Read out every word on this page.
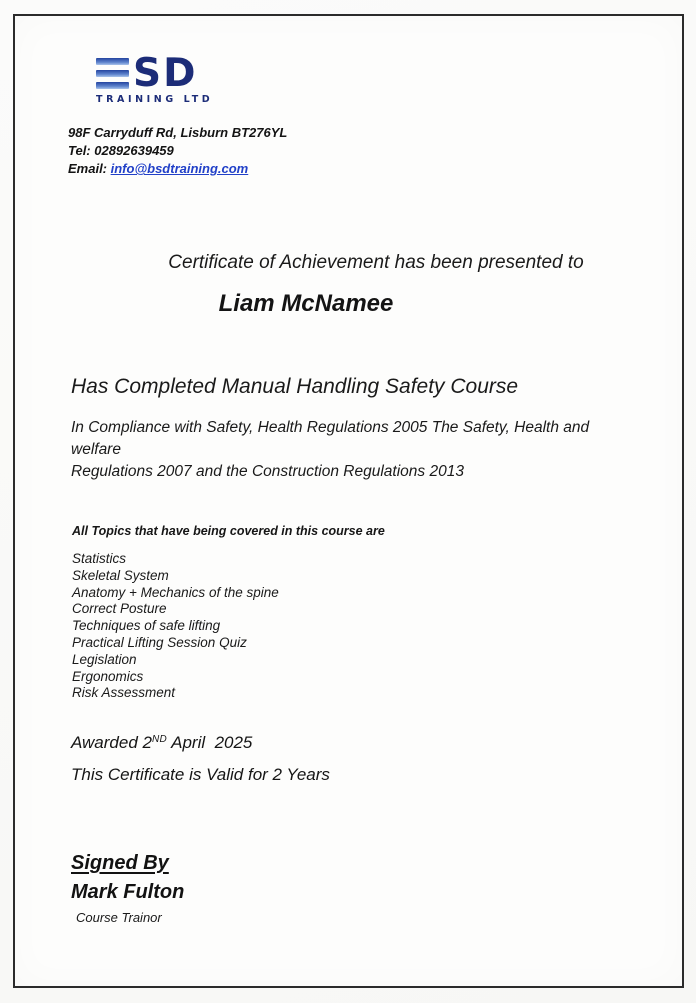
SD
TRAINING LTD
98F Carryduff Rd, Lisburn BT276YL
Tel: 02892639459
Email: info@bsdtraining.com
Certificate of Achievement has been presented to
Liam McNamee
Has Completed Manual Handling Safety Course
In Compliance with Safety, Health Regulations 2005 The Safety, Health and
welfare
Regulations 2007 and the Construction Regulations 2013
All Topics that have being covered in this course are
Statistics
Skeletal System
Anatomy + Mechanics of the spine
Correct Posture
Techniques of safe lifting
Practical Lifting Session Quiz
Legislation
Ergonomics
Risk Assessment
Awarded 2ND April  2025
This Certificate is Valid for 2 Years
Signed By
Mark Fulton
Course Trainor
